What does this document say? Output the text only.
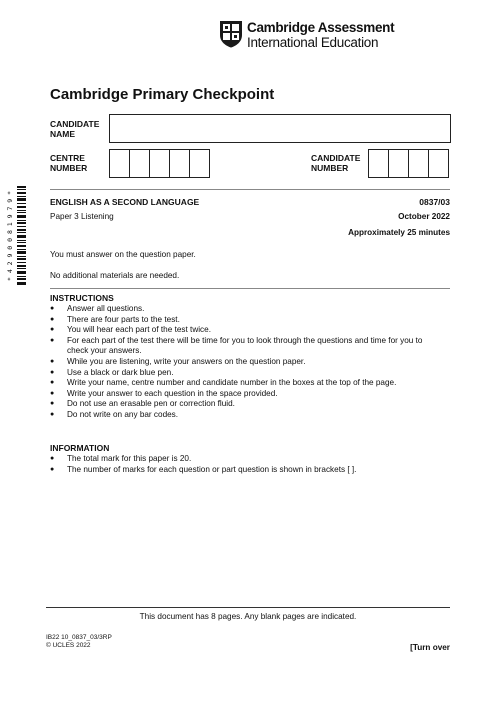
Cambridge Assessment
International Education
Cambridge Primary Checkpoint
CANDIDATE
NAME
CENTRE
NUMBER
CANDIDATE
NUMBER
* 4 2 9 0 0 8 1 9 7 9 *	ENGLISH AS A SECOND LANGUAGE	0837/03
Paper 3 Listening	October 2022
Approximately 25 minutes
You must answer on the question paper.
No additional materials are needed.
INSTRUCTIONS
● Answer all questions.
● There are four parts to the test.
● You will hear each part of the test twice.
● For each part of the test there will be time for you to look through the questions and time for you to check your answers.
● While you are listening, write your answers on the question paper.
● Use a black or dark blue pen.
● Write your name, centre number and candidate number in the boxes at the top of the page.
● Write your answer to each question in the space provided.
● Do not use an erasable pen or correction fluid.
● Do not write on any bar codes.
INFORMATION
● The total mark for this paper is 20.
● The number of marks for each question or part question is shown in brackets [ ].
This document has 8 pages. Any blank pages are indicated.
IB22 10_0837_03/3RP
© UCLES 2022	[Turn over
